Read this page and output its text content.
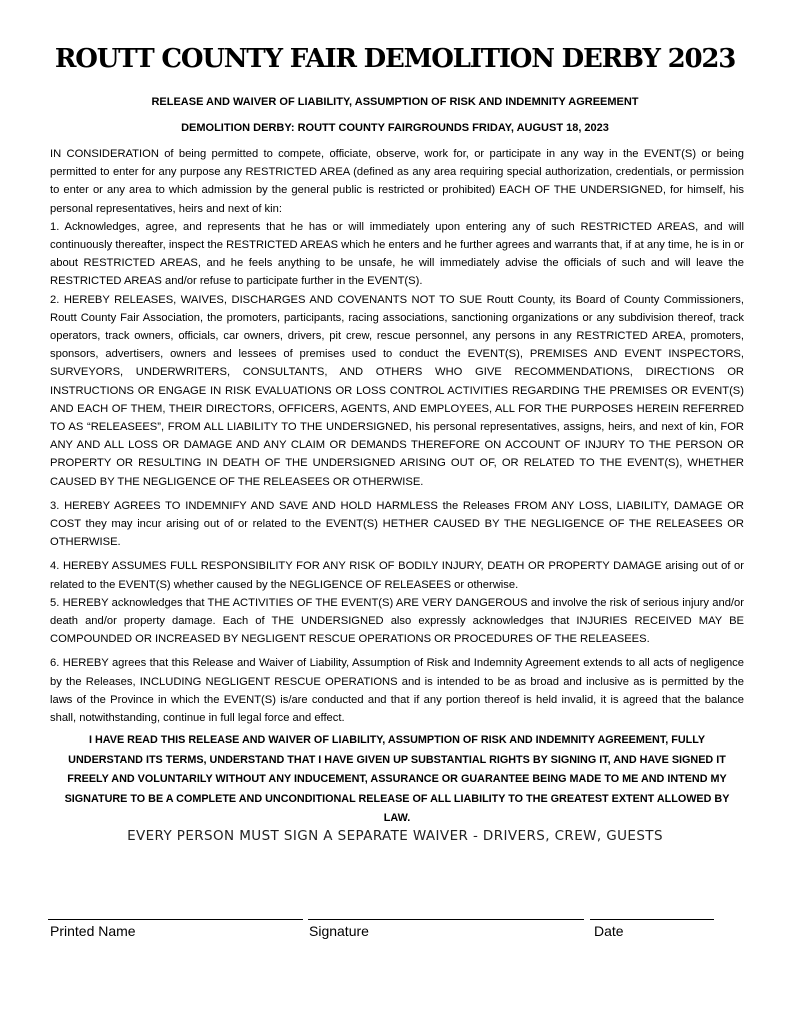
ROUTT COUNTY FAIR DEMOLITION DERBY 2023

RELEASE AND WAIVER OF LIABILITY, ASSUMPTION OF RISK AND INDEMNITY AGREEMENT

DEMOLITION DERBY: ROUTT COUNTY FAIRGROUNDS FRIDAY, AUGUST 18, 2023

IN CONSIDERATION of being permitted to compete, officiate, observe, work for, or participate in any way in the EVENT(S) or being permitted to enter for any purpose any RESTRICTED AREA (defined as any area requiring special authorization, credentials, or permission to enter or any area to which admission by the general public is restricted or prohibited) EACH OF THE UNDERSIGNED, for himself, his personal representatives, heirs and next of kin:

1. Acknowledges, agree, and represents that he has or will immediately upon entering any of such RESTRICTED AREAS, and will continuously thereafter, inspect the RESTRICTED AREAS which he enters and he further agrees and warrants that, if at any time, he is in or about RESTRICTED AREAS, and he feels anything to be unsafe, he will immediately advise the officials of such and will leave the RESTRICTED AREAS and/or refuse to participate further in the EVENT(S).

2. HEREBY RELEASES, WAIVES, DISCHARGES AND COVENANTS NOT TO SUE Routt County, its Board of County Commissioners, Routt County Fair Association, the promoters, participants, racing associations, sanctioning organizations or any subdivision thereof, track operators, track owners, officials, car owners, drivers, pit crew, rescue personnel, any persons in any RESTRICTED AREA, promoters, sponsors, advertisers, owners and lessees of premises used to conduct the EVENT(S), PREMISES AND EVENT INSPECTORS, SURVEYORS, UNDERWRITERS, CONSULTANTS, AND OTHERS WHO GIVE RECOMMENDATIONS, DIRECTIONS OR INSTRUCTIONS OR ENGAGE IN RISK EVALUATIONS OR LOSS CONTROL ACTIVITIES REGARDING THE PREMISES OR EVENT(S) AND EACH OF THEM, THEIR DIRECTORS, OFFICERS, AGENTS, AND EMPLOYEES, ALL FOR THE PURPOSES HEREIN REFERRED TO AS “RELEASEES”, FROM ALL LIABILITY TO THE UNDERSIGNED, his personal representatives, assigns, heirs, and next of kin, FOR ANY AND ALL LOSS OR DAMAGE AND ANY CLAIM OR DEMANDS THEREFORE ON ACCOUNT OF INJURY TO THE PERSON OR PROPERTY OR RESULTING IN DEATH OF THE UNDERSIGNED ARISING OUT OF, OR RELATED TO THE EVENT(S), WHETHER CAUSED BY THE NEGLIGENCE OF THE RELEASEES OR OTHERWISE.

3. HEREBY AGREES TO INDEMNIFY AND SAVE AND HOLD HARMLESS the Releases FROM ANY LOSS, LIABILITY, DAMAGE OR COST they may incur arising out of or related to the EVENT(S) HETHER CAUSED BY THE NEGLIGENCE OF THE RELEASEES OR OTHERWISE.

4. HEREBY ASSUMES FULL RESPONSIBILITY FOR ANY RISK OF BODILY INJURY, DEATH OR PROPERTY DAMAGE arising out of or related to the EVENT(S) whether caused by the NEGLIGENCE OF RELEASEES or otherwise.

5. HEREBY acknowledges that THE ACTIVITIES OF THE EVENT(S) ARE VERY DANGEROUS and involve the risk of serious injury and/or death and/or property damage. Each of THE UNDERSIGNED also expressly acknowledges that INJURIES RECEIVED MAY BE COMPOUNDED OR INCREASED BY NEGLIGENT RESCUE OPERATIONS OR PROCEDURES OF THE RELEASEES.

6. HEREBY agrees that this Release and Waiver of Liability, Assumption of Risk and Indemnity Agreement extends to all acts of negligence by the Releases, INCLUDING NEGLIGENT RESCUE OPERATIONS and is intended to be as broad and inclusive as is permitted by the laws of the Province in which the EVENT(S) is/are conducted and that if any portion thereof is held invalid, it is agreed that the balance shall, notwithstanding, continue in full legal force and effect.

I HAVE READ THIS RELEASE AND WAIVER OF LIABILITY, ASSUMPTION OF RISK AND INDEMNITY AGREEMENT, FULLY UNDERSTAND ITS TERMS, UNDERSTAND THAT I HAVE GIVEN UP SUBSTANTIAL RIGHTS BY SIGNING IT, AND HAVE SIGNED IT FREELY AND VOLUNTARILY WITHOUT ANY INDUCEMENT, ASSURANCE OR GUARANTEE BEING MADE TO ME AND INTEND MY SIGNATURE TO BE A COMPLETE AND UNCONDITIONAL RELEASE OF ALL LIABILITY TO THE GREATEST EXTENT ALLOWED BY LAW.

EVERY PERSON MUST SIGN A SEPARATE WAIVER - DRIVERS, CREW, GUESTS

Printed Name	Signature	Date
